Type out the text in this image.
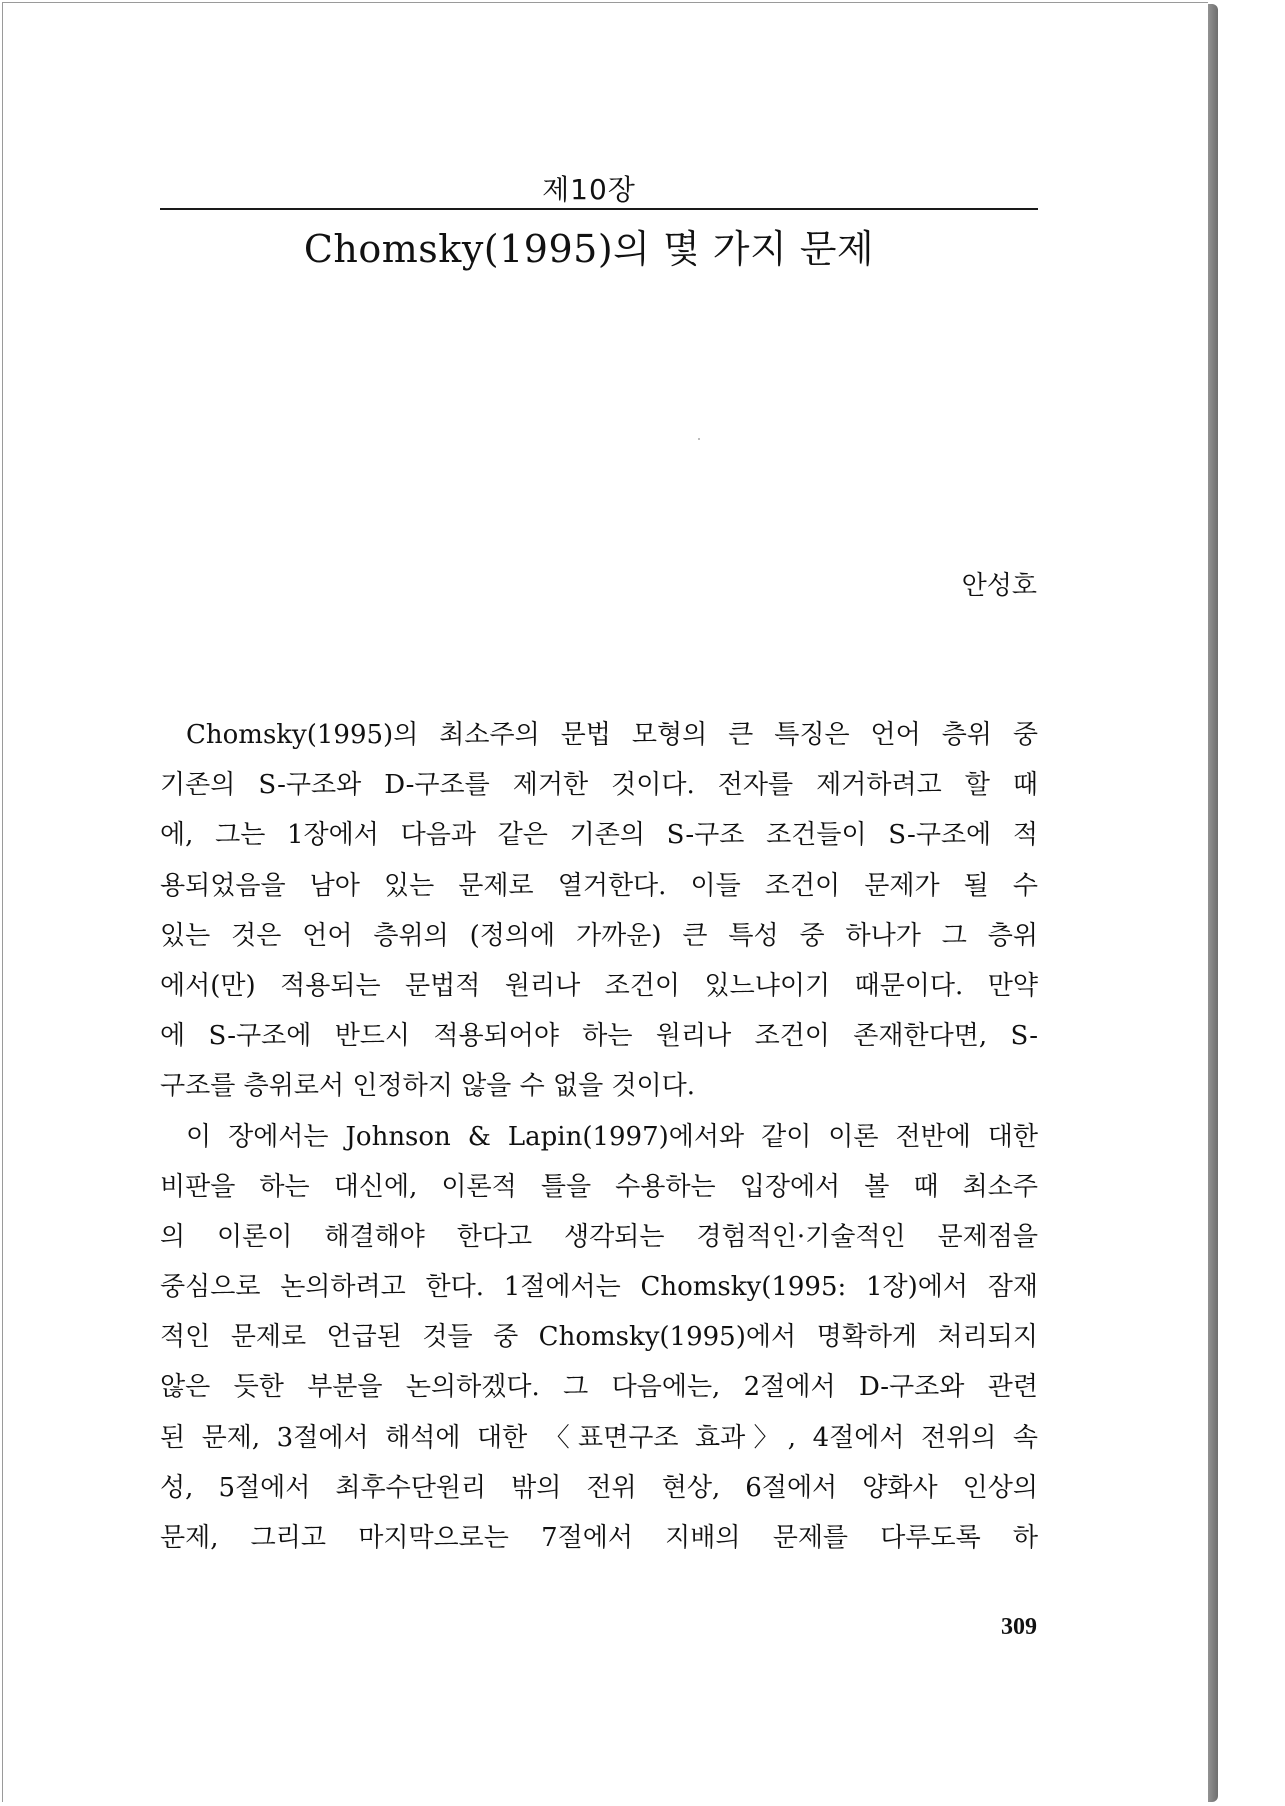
제10장
Chomsky(1995)의 몇 가지 문제
안성호
Chomsky(1995)의 최소주의 문법 모형의 큰 특징은 언어 층위 중
기존의 S-구조와 D-구조를 제거한 것이다. 전자를 제거하려고 할 때
에, 그는 1장에서 다음과 같은 기존의 S-구조 조건들이 S-구조에 적
용되었음을 남아 있는 문제로 열거한다. 이들 조건이 문제가 될 수
있는 것은 언어 층위의 (정의에 가까운) 큰 특성 중 하나가 그 층위
에서(만) 적용되는 문법적 원리나 조건이 있느냐이기 때문이다. 만약
에 S-구조에 반드시 적용되어야 하는 원리나 조건이 존재한다면, S-
구조를 층위로서 인정하지 않을 수 없을 것이다.
이 장에서는 Johnson & Lapin(1997)에서와 같이 이론 전반에 대한
비판을 하는 대신에, 이론적 틀을 수용하는 입장에서 볼 때 최소주
의 이론이 해결해야 한다고 생각되는 경험적인·기술적인 문제점을
중심으로 논의하려고 한다. 1절에서는 Chomsky(1995: 1장)에서 잠재
적인 문제로 언급된 것들 중 Chomsky(1995)에서 명확하게 처리되지
않은 듯한 부분을 논의하겠다. 그 다음에는, 2절에서 D-구조와 관련
된 문제, 3절에서 해석에 대한 〈표면구조 효과〉, 4절에서 전위의 속
성, 5절에서 최후수단원리 밖의 전위 현상, 6절에서 양화사 인상의
문제, 그리고 마지막으로는 7절에서 지배의 문제를 다루도록 하
309
